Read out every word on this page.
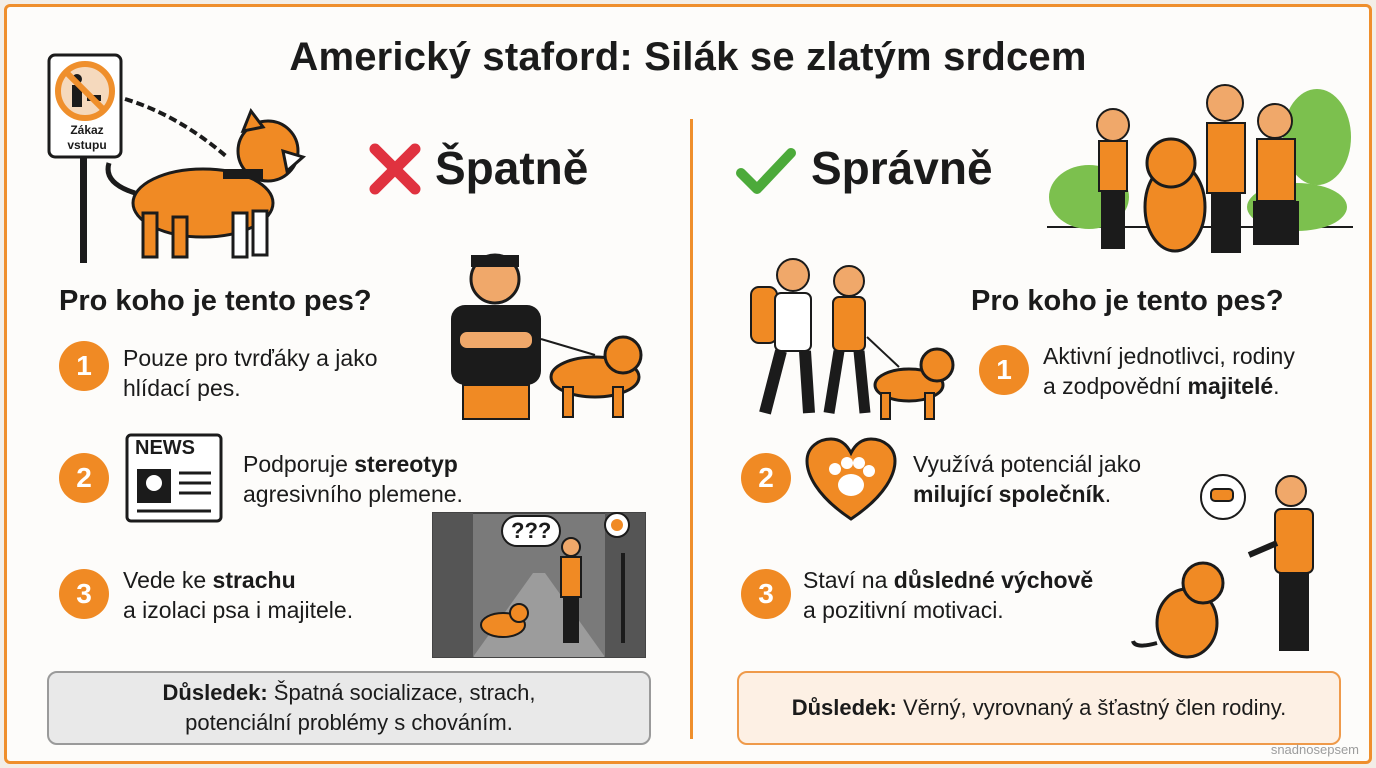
Americký staford: Silák se zlatým srdcem
Zákaz
vstupu	Špatně
Pro koho je tento pes?
1	Pouze pro tvrďáky a jako
hlídací pes.
NEWS
2	Podporuje stereotyp
agresivního plemene.
???
3	Vede ke strachu
a izolaci psa i majitele.
Důsledek: Špatná socializace, strach,
potenciální problémy s chováním.
Správně
Pro koho je tento pes?
1	Aktivní jednotlivci, rodiny
a zodpovědní majitelé.
2	Využívá potenciál jako
milující společník.
3	Staví na důsledné výchově
a pozitivní motivaci.
Důsledek: Věrný, vyrovnaný a šťastný člen rodiny.
snadnosepsem
